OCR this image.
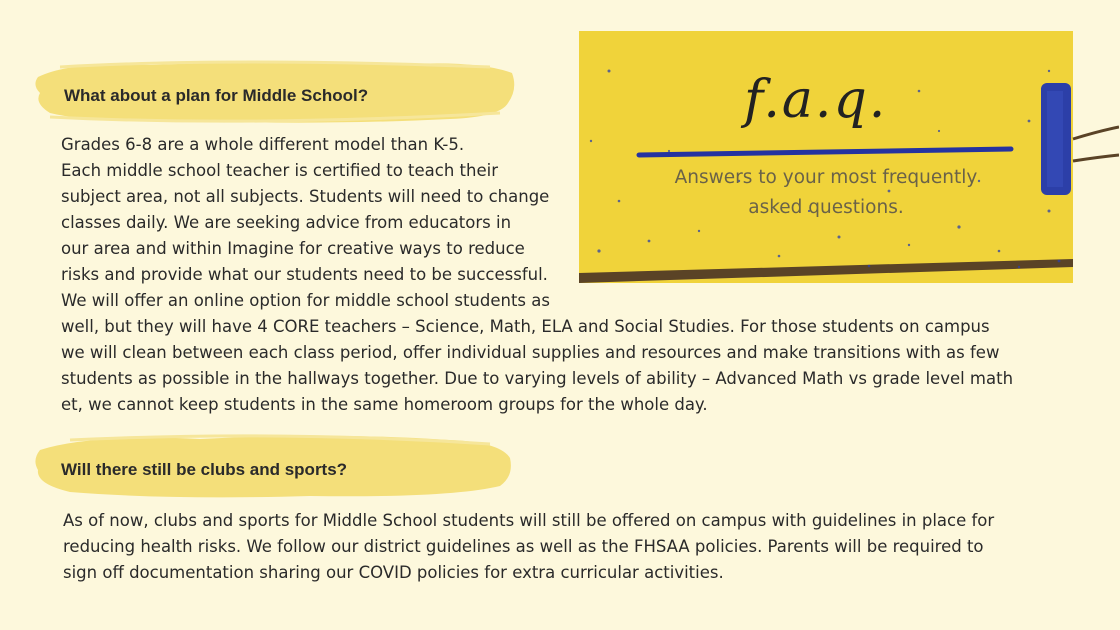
f.a.q.
Answers to your most frequently
asked questions.
What about a plan for Middle School?
Grades 6-8 are a whole different model than K-5.
Each middle school teacher is certified to teach their
subject area, not all subjects. Students will need to change
classes daily. We are seeking advice from educators in
our area and within Imagine for creative ways to reduce
risks and provide what our students need to be successful.
We will offer an online option for middle school students as
well, but they will have 4 CORE teachers – Science, Math, ELA and Social Studies. For those students on campus
we will clean between each class period, offer individual supplies and resources and make transitions with as few
students as possible in the hallways together. Due to varying levels of ability – Advanced Math vs grade level math
et, we cannot keep students in the same homeroom groups for the whole day.
Will there still be clubs and sports?
As of now, clubs and sports for Middle School students will still be offered on campus with guidelines in place for
reducing health risks. We follow our district guidelines as well as the FHSAA policies. Parents will be required to
sign off documentation sharing our COVID policies for extra curricular activities.
